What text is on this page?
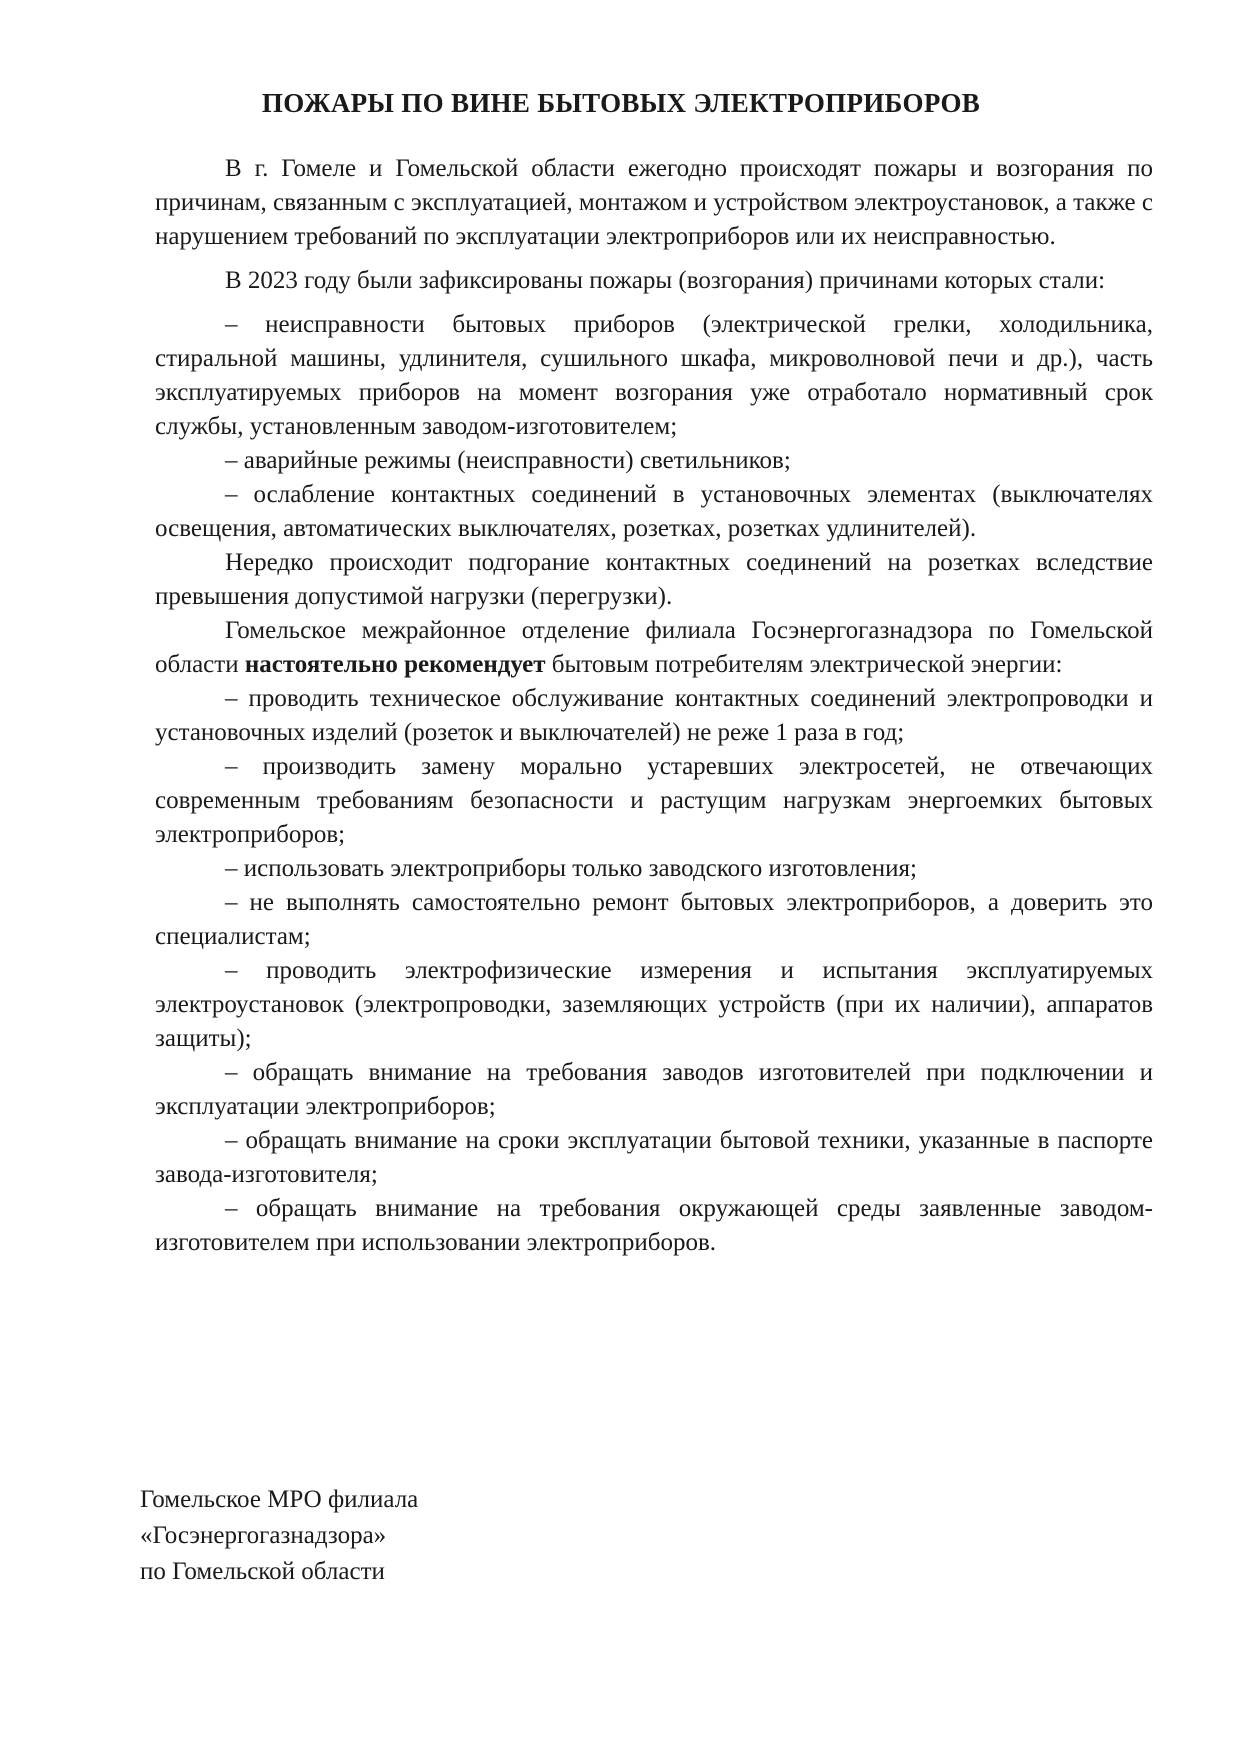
ПОЖАРЫ ПО ВИНЕ БЫТОВЫХ ЭЛЕКТРОПРИБОРОВ

В г. Гомеле и Гомельской области ежегодно происходят пожары и возгорания по причинам, связанным с эксплуатацией, монтажом и устройством электроустановок, а также с нарушением требований по эксплуатации электроприборов или их неисправностью.

В 2023 году были зафиксированы пожары (возгорания) причинами которых стали:

– неисправности бытовых приборов (электрической грелки, холодильника, стиральной машины, удлинителя, сушильного шкафа, микроволновой печи и др.), часть эксплуатируемых приборов на момент возгорания уже отработало нормативный срок службы, установленным заводом-изготовителем;

– аварийные режимы (неисправности) светильников;

– ослабление контактных соединений в установочных элементах (выключателях освещения, автоматических выключателях, розетках, розетках удлинителей).

Нередко происходит подгорание контактных соединений на розетках вследствие превышения допустимой нагрузки (перегрузки).

Гомельское межрайонное отделение филиала Госэнергогазнадзора по Гомельской области настоятельно рекомендует бытовым потребителям электрической энергии:

– проводить техническое обслуживание контактных соединений электропроводки и установочных изделий (розеток и выключателей) не реже 1 раза в год;

– производить замену морально устаревших электросетей, не отвечающих современным требованиям безопасности и растущим нагрузкам энергоемких бытовых электроприборов;

– использовать электроприборы только заводского изготовления;

– не выполнять самостоятельно ремонт бытовых электроприборов, а доверить это специалистам;

– проводить электрофизические измерения и испытания эксплуатируемых электроустановок (электропроводки, заземляющих устройств (при их наличии), аппаратов защиты);

– обращать внимание на требования заводов изготовителей при подключении и эксплуатации электроприборов;

– обращать внимание на сроки эксплуатации бытовой техники, указанные в паспорте завода-изготовителя;

– обращать внимание на требования окружающей среды заявленные заводом-изготовителем при использовании электроприборов.

Гомельское МРО филиала
«Госэнергогазнадзора»
по Гомельской области
